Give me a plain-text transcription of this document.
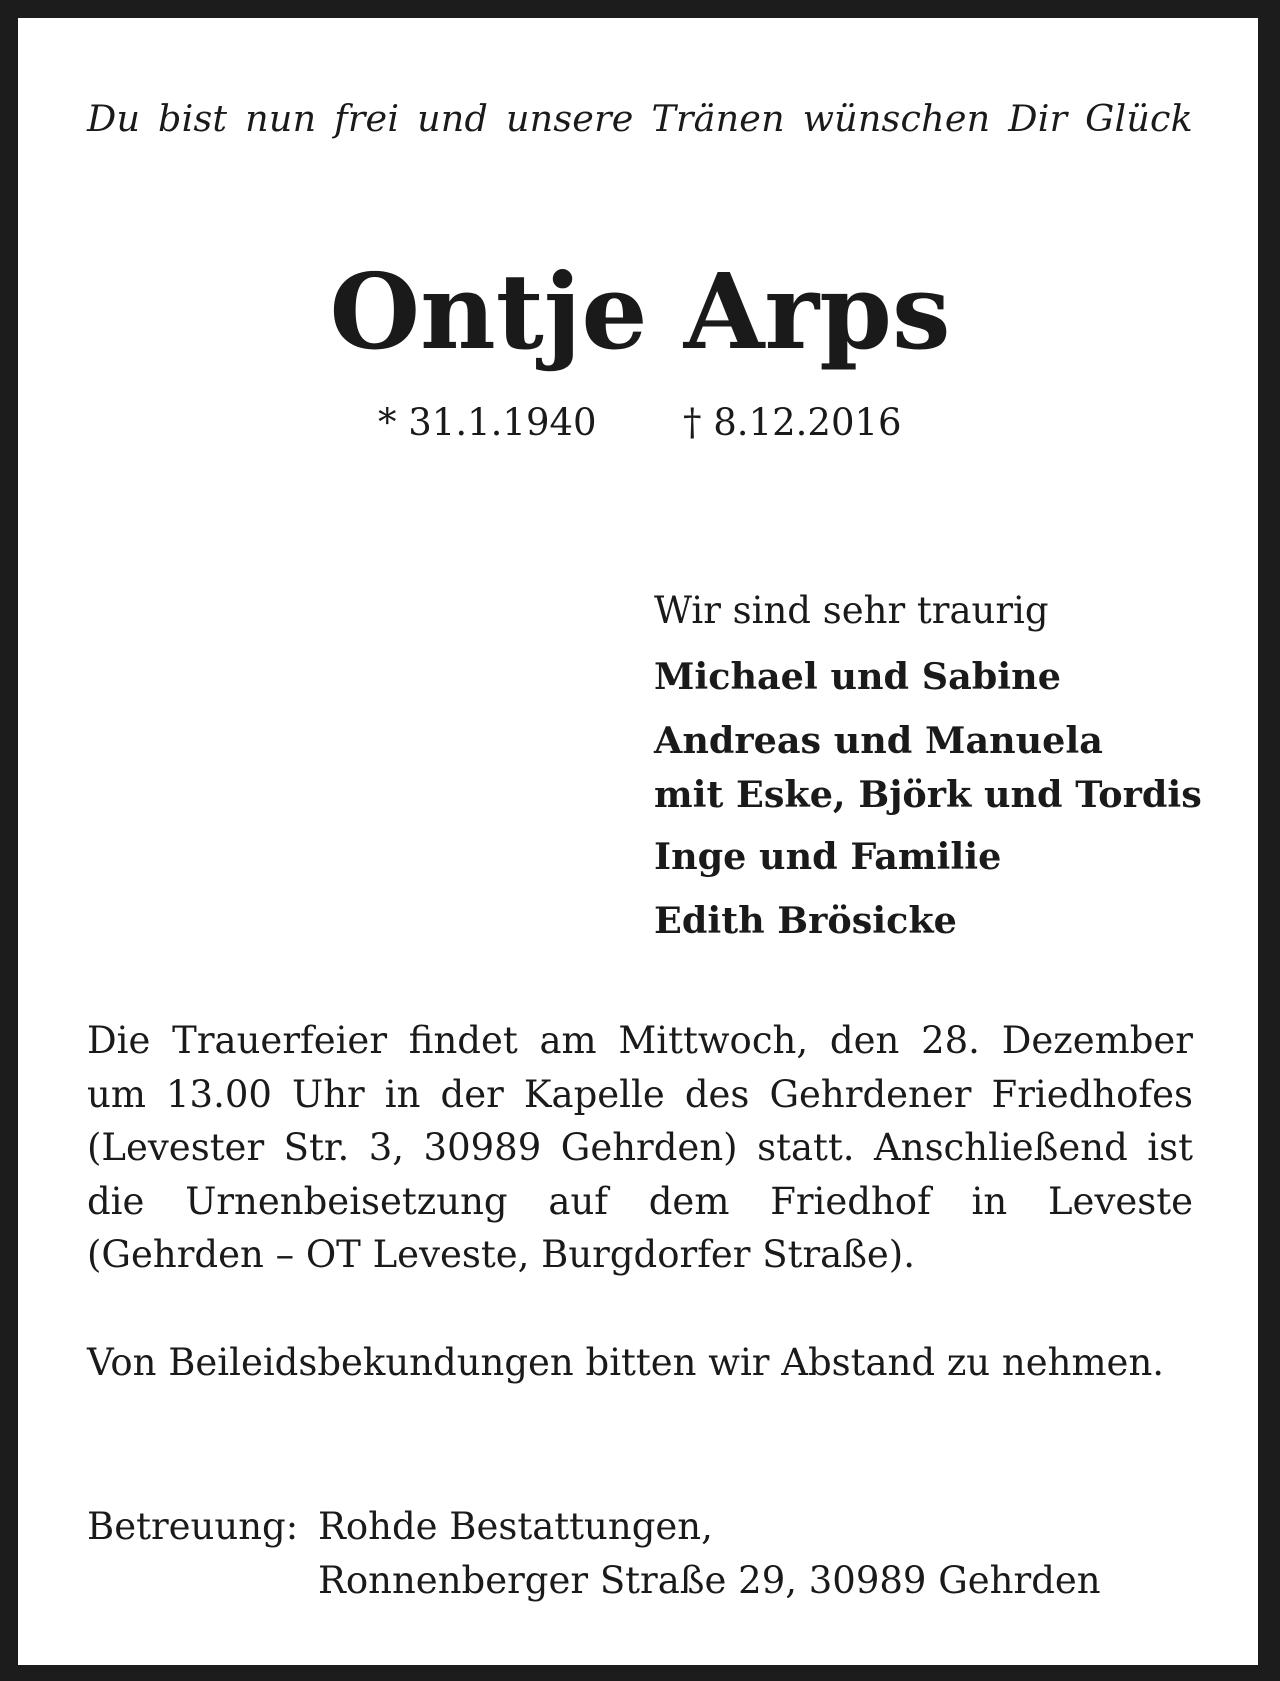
Du bist nun frei und unsere Tränen wünschen Dir Glück
Ontje Arps
* 31.1.1940 † 8.12.2016

Wir sind sehr traurig

Michael und Sabine

Andreas und Manuela
mit Eske, Björk und Tordis

Inge und Familie

Edith Brösicke

Die Trauerfeier findet am Mittwoch, den 28. Dezember um 13.00 Uhr in der Kapelle des Gehrdener Friedhofes (Levester Str. 3, 30989 Gehrden) statt. Anschließend ist die Urnenbeisetzung auf dem Friedhof in Leveste (Gehrden – OT Leveste, Burgdorfer Straße).

Von Beileidsbekundungen bitten wir Abstand zu nehmen.

Betreuung: Rohde Bestattungen,
Ronnenberger Straße 29, 30989 Gehrden
